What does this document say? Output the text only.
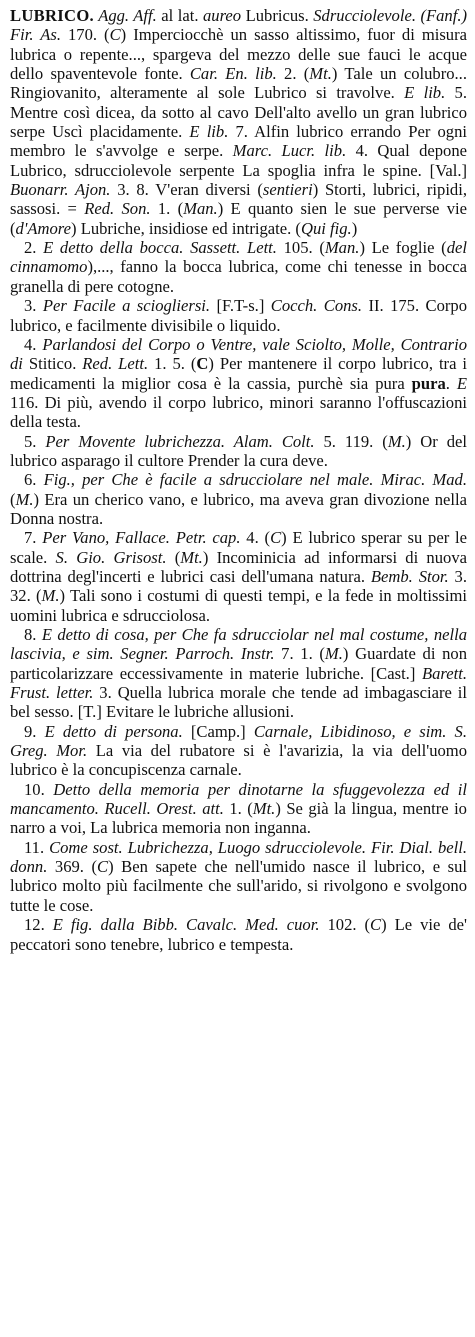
LUBRICO. Agg. Aff. al lat. aureo Lubricus. Sdrucciolevole. (Fanf.) Fir. As. 170. (C) Imperciocchè un sasso altissimo, fuor di misura lubrica o repente..., spargeva del mezzo delle sue fauci le acque dello spaventevole fonte. Car. En. lib. 2. (Mt.) Tale un colubro... Ringiovanito, alteramente al sole Lubrico si travolve. E lib. 5. Mentre così dicea, da sotto al cavo Dell'alto avello un gran lubrico serpe Uscì placidamente. E lib. 7. Alfin lubrico errando Per ogni membro le s'avvolge e serpe. Marc. Lucr. lib. 4. Qual depone Lubrico, sdrucciolevole serpente La spoglia infra le spine. [Val.] Buonarr. Ajon. 3. 8. V'eran diversi (sentieri) Storti, lubrici, ripidi, sassosi. = Red. Son. 1. (Man.) E quanto sien le sue perverse vie (d'Amore) Lubriche, insidiose ed intrigate. (Qui fig.)

2. E detto della bocca. Sassett. Lett. 105. (Man.) Le foglie (del cinnamomo),..., fanno la bocca lubrica, come chi tenesse in bocca granella di pere cotogne.

3. Per Facile a sciogliersi. [F.T-s.] Cocch. Cons. II. 175. Corpo lubrico, e facilmente divisibile o liquido.

4. Parlandosi del Corpo o Ventre, vale Sciolto, Molle, Contrario di Stitico. Red. Lett. 1. 5. (C) Per mantenere il corpo lubrico, tra i medicamenti la miglior cosa è la cassia, purchè sia pura pura. E 116. Di più, avendo il corpo lubrico, minori saranno l'offuscazioni della testa.

5. Per Movente lubrichezza. Alam. Colt. 5. 119. (M.) Or del lubrico asparago il cultore Prender la cura deve.

6. Fig., per Che è facile a sdrucciolare nel male. Mirac. Mad. (M.) Era un cherico vano, e lubrico, ma aveva gran divozione nella Donna nostra.

7. Per Vano, Fallace. Petr. cap. 4. (C) E lubrico sperar su per le scale. S. Gio. Grisost. (Mt.) Incominicia ad informarsi di nuova dottrina degl'incerti e lubrici casi dell'umana natura. Bemb. Stor. 3. 32. (M.) Tali sono i costumi di questi tempi, e la fede in moltissimi uomini lubrica e sdrucciolosa.

8. E detto di cosa, per Che fa sdrucciolar nel mal costume, nella lascivia, e sim. Segner. Parroch. Instr. 7. 1. (M.) Guardate di non particolarizzare eccessivamente in materie lubriche. [Cast.] Barett. Frust. letter. 3. Quella lubrica morale che tende ad imbagasciare il bel sesso. [T.] Evitare le lubriche allusioni.

9. E detto di persona. [Camp.] Carnale, Libidinoso, e sim. S. Greg. Mor. La via del rubatore si è l'avarizia, la via dell'uomo lubrico è la concupiscenza carnale.

10. Detto della memoria per dinotarne la sfuggevolezza ed il mancamento. Rucell. Orest. att. 1. (Mt.) Se già la lingua, mentre io narro a voi, La lubrica memoria non inganna.

11. Come sost. Lubrichezza, Luogo sdrucciolevole. Fir. Dial. bell. donn. 369. (C) Ben sapete che nell'umido nasce il lubrico, e sul lubrico molto più facilmente che sull'arido, si rivolgono e svolgono tutte le cose.

12. E fig. dalla Bibb. Cavalc. Med. cuor. 102. (C) Le vie de' peccatori sono tenebre, lubrico e tempesta.
